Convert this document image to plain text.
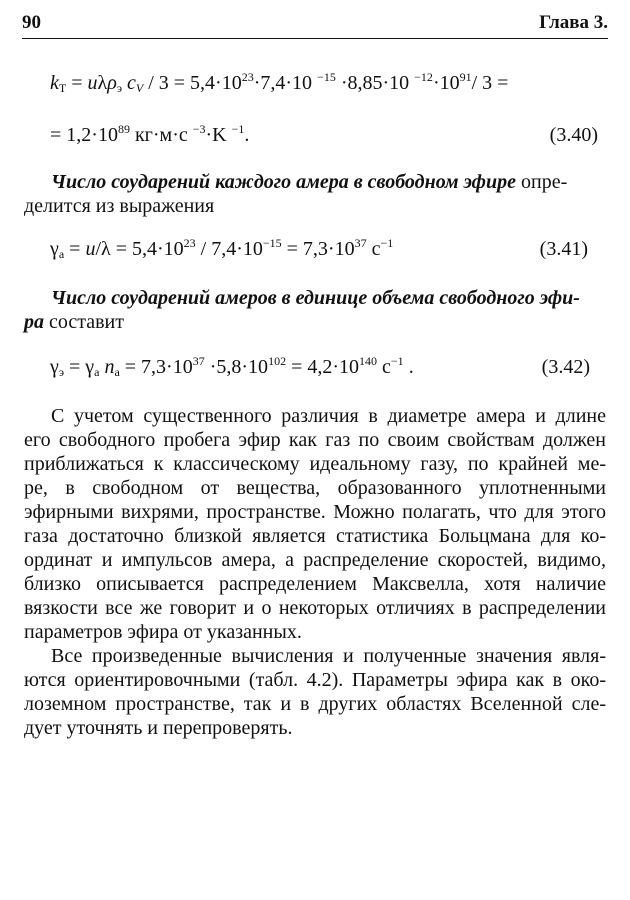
90	Глава 3.
$k_T = u\lambda\rho_э$ $c_V / 3 = 5,4\cdot 10^{23}\cdot 7,4\cdot 10$ $^{-15}$ ·8,85·10 $^{-12}\cdot 10^{91}/$ 3 =
= $1,2\cdot 10^{89}$ кг·м·с $^{-3}$·K $^{-1}$.	(3.40)
Число соударений каждого амера в свободном эфире опре-
делится из выражения
$\gamma_а = u/\lambda = 5,4\cdot 10^{23} / 7,4\cdot 10^{-15} = 7,3\cdot 10^{37}$ $с^{-1}$	(3.41)
Число соударений амеров в единице объема свободного эфи-
ра составит
$\gamma_э = \gamma_а$ $n_а = 7,3\cdot 10^{37} \cdot 5,8\cdot 10^{102} = 4,2\cdot 10^{140}$ $с^{-1}$ .	(3.42)
С учетом существенного различия в диаметре амера и длине
его свободного пробега эфир как газ по своим свойствам должен
приближаться к классическому идеальному газу, по крайней ме-
ре, в свободном от вещества, образованного уплотненными
эфирными вихрями, пространстве. Можно полагать, что для этого
газа достаточно близкой является статистика Больцмана для ко-
ординат и импульсов амера, а распределение скоростей, видимо,
близко описывается распределением Максвелла, хотя наличие
вязкости все же говорит и о некоторых отличиях в распределении
параметров эфира от указанных.
Все произведенные вычисления и полученные значения явля-
ются ориентировочными (табл. 4.2). Параметры эфира как в око-
лоземном пространстве, так и в других областях Вселенной сле-
дует уточнять и перепроверять.
